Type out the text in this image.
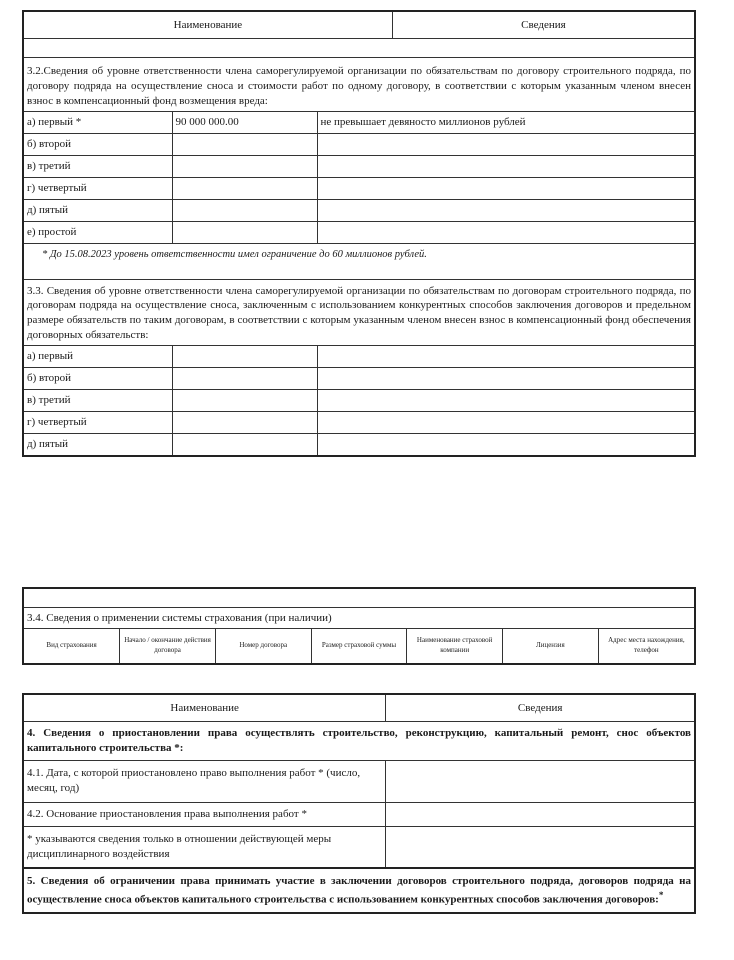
Наименование	Сведения
3.2.Сведения об уровне ответственности члена саморегулируемой организации по обязательствам по договору строительного подряда, по договору подряда на осуществление сноса и стоимости работ по одному договору, в соответствии с которым указанным членом внесен взнос в компенсационный фонд возмещения вреда:		
а) первый *	90 000 000.00	не превышает девяносто миллионов рублей
б) второй		
в) третий		
г) четвертый		
д) пятый		
е) простой		
* До 15.08.2023 уровень ответственности имел ограничение до 60 миллионов рублей.
3.3. Сведения об уровне ответственности члена саморегулируемой организации по обязательствам по договорам строительного подряда, по договорам подряда на осуществление сноса, заключенным с использованием конкурентных способов заключения договоров и предельном размере обязательств по таким договорам, в соответствии с которым указанным членом внесен взнос в компенсационный фонд обеспечения договорных обязательств:		
а) первый		
б) второй		
в) третий		
г) четвертый		
д) пятый		
3.4. Сведения о применении системы страхования (при наличии)
Вид страхования	Начало / окончание действия договора	Номер договора	Размер страховой суммы	Наименование страховой компании	Лицензия	Адрес места нахождения, телефон
Наименование	Сведения
4. Сведения о приостановлении права осуществлять строительство, реконструкцию, капитальный ремонт, снос объектов капитального строительства *:	
4.1. Дата, с которой приостановлено право выполнения работ * (число, месяц, год)	
4.2. Основание приостановления права выполнения работ *	
* указываются сведения только в отношении действующей меры дисциплинарного воздействия	
5. Сведения об ограничении права принимать участие в заключении договоров строительного подряда, договоров подряда на осуществление сноса объектов капитального строительства с использованием конкурентных способов заключения договоров:*
